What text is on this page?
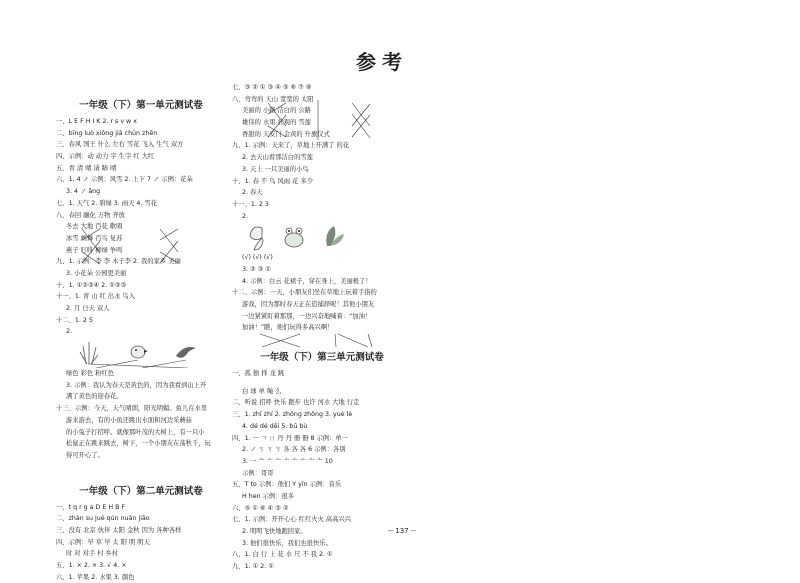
参考
一年级（下）第一单元测试卷
一、L E F H I K 2. r s v w x
二、bīng luò xiōng jiā chūn zhēn
三、春风 国王 什么 左右 雪花 飞入 生气 双方
四、示例：动 动力 字 生字 红 大红
五、青 清 晴 请 睛 晴
六、1. 4 ノ 示例：风雪 2. 上下 7 ノ 示例：花朵
3. 4 ノ ǎng
七、1. 天气 2. 碧绿 3. 雨天 4. 雪花
八、春回 融化 万物 齐放
冬去 大地 百花 歌唱
冰雪 画舞 百鸟 复苏
燕子 叮咚 柳绿 争鸣
九、1. 示例：李 李 木子李 2. 我的家乡 美丽
3. 小花朵 公园更美丽
十、1. ①②③④ 2. ①②③
十一、1. 青 山 红 出水 鸟入
2. 月 日天 双人
十二、1. 2 5
2.
绿色 彩色 粉红色
3. 示例：我认为春天是黄色的，因为我看到山上开
满了黄色的迎春花。
十三、示例：今天，天气晴朗，阳光明媚。鱼儿在水里
游来游去，有的小鱼还跳出水面和河边采蘑菇
的小兔子打招呼。就像那叶茂的大树上，有一只小
松鼠正在跳来跳去，树下，一个小朋友在荡秋千，玩
得可开心了。
一年级（下）第二单元测试卷
一、t q r g a D E H B F
二、zhàn su jué qún nuǎn jiāo
三、没有 北京 伙伴 太阳 金秋 因为 各种各样
四、示例：早 草 早 太 阳 明 明天
时 对 对手 村 乡村
五、1. × 2. × 3. √ 4. ×
六、1. 苹果 2. 水果 3. 颜色
七、③ ② ① ③ ④ ⑤ ⑥ ⑦ ⑧
八、弯弯的 天山 宽宽的 太阳
美丽的 小路 洁白的 公路
雄伟的 水果 壮观的 雪莲
香甜的 天安门 金黄的 升旗仪式
九、1. 示例：天来了，草地上开满了 的花
2. 去天山看那洁白的雪莲
3. 天上 一只美丽的小鸟
十、1. 春 不 鸟 风雨 花 多少
2. 春天
十一、1. 2 3
2.
(√) (√) (√)
3. ② ③ ①
4. 示例：白云 花裙子，穿在身上，美丽极了！
十二、示例：一天，小朋友们坐在草地上玩着手指的
游戏，因为那时春天正在追捕择呢！其他小朋友
一边紧紧盯着那那，一边兴奋地喊着：“加油！
加油！”瞧，他们玩得多高兴啊！
一年级（下）第三单元测试卷
一、孤 独 择 龙 跳
白 球 单 绳 么
二、听说 招呼 快乐 跑步 也许 河水 大地 行走
三、1. zhī zhí 2. zhōng zhǒng 3. yuè lè
4. dé dé děi 5. bū bù
四、1. 一 ㄱ ㄇ 丹 丹 冊 冊 8 示例：单一
2. ノ ㄎ ㄎ ㄎ 各 各 各 6 示例：各别
3. 一 亠 亠 亠 亠 亠 亠 亠 亠 10
示例：哥哥
五、T to 示例：他们 Y yīn 示例：音乐
H hen 示例：很多
六、⑤ ① ⑥ ④ ③ ②
七、1. 示例：开开心心 红红火火 高高兴兴
2. 明明飞快地跑回家。
3. 他们很快乐，我们也很快乐。
八、1. 白 行 上 花 水 尺 不 我 2. ①
九、1. ① 2. ①
-- 137 --
